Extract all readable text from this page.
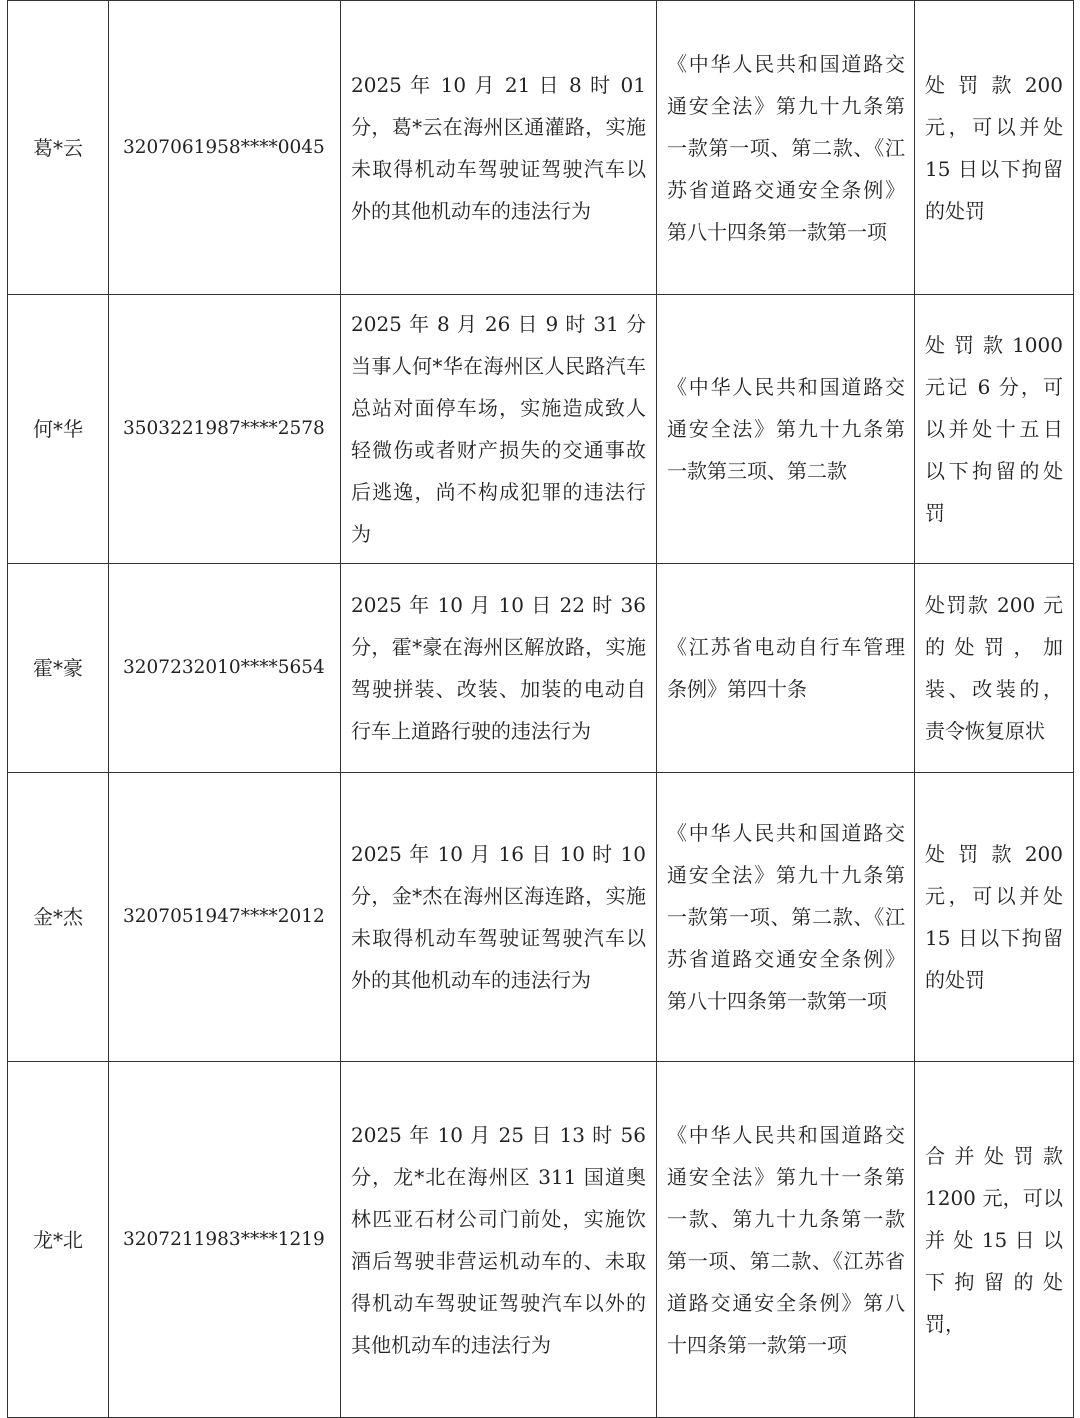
葛*云	3207061958****0045	2025 年 10 月 21 日 8 时 01 分，葛*云在海州区通灌路，实施未取得机动车驾驶证驾驶汽车以外的其他机动车的违法行为	《中华人民共和国道路交通安全法》第九十九条第一款第一项、第二款、《江苏省道路交通安全条例》第八十四条第一款第一项	处 罚 款 200 元，可以并处 15 日以下拘留的处罚

何*华	3503221987****2578	2025 年 8 月 26 日 9 时 31 分当事人何*华在海州区人民路汽车总站对面停车场，实施造成致人轻微伤或者财产损失的交通事故后逃逸，尚不构成犯罪的违法行为	《中华人民共和国道路交通安全法》第九十九条第一款第三项、第二款	处 罚 款 1000 元记 6 分，可以并处十五日以下拘留的处罚

霍*豪	3207232010****5654	2025 年 10 月 10 日 22 时 36 分，霍*豪在海州区解放路，实施驾驶拼装、改装、加装的电动自行车上道路行驶的违法行为	《江苏省电动自行车管理条例》第四十条	处罚款 200 元的处罚，加装、改装的，责令恢复原状

金*杰	3207051947****2012	2025 年 10 月 16 日 10 时 10 分，金*杰在海州区海连路，实施未取得机动车驾驶证驾驶汽车以外的其他机动车的违法行为	《中华人民共和国道路交通安全法》第九十九条第一款第一项、第二款、《江苏省道路交通安全条例》第八十四条第一款第一项	处 罚 款 200 元，可以并处 15 日以下拘留的处罚

龙*北	3207211983****1219	2025 年 10 月 25 日 13 时 56 分，龙*北在海州区 311 国道奥林匹亚石材公司门前处，实施饮酒后驾驶非营运机动车的、未取得机动车驾驶证驾驶汽车以外的其他机动车的违法行为	《中华人民共和国道路交通安全法》第九十一条第一款、第九十九条第一款第一项、第二款、《江苏省道路交通安全条例》第八十四条第一款第一项	合 并 处 罚 款 1200 元，可以并 处 15 日 以 下 拘 留 的 处 罚，
